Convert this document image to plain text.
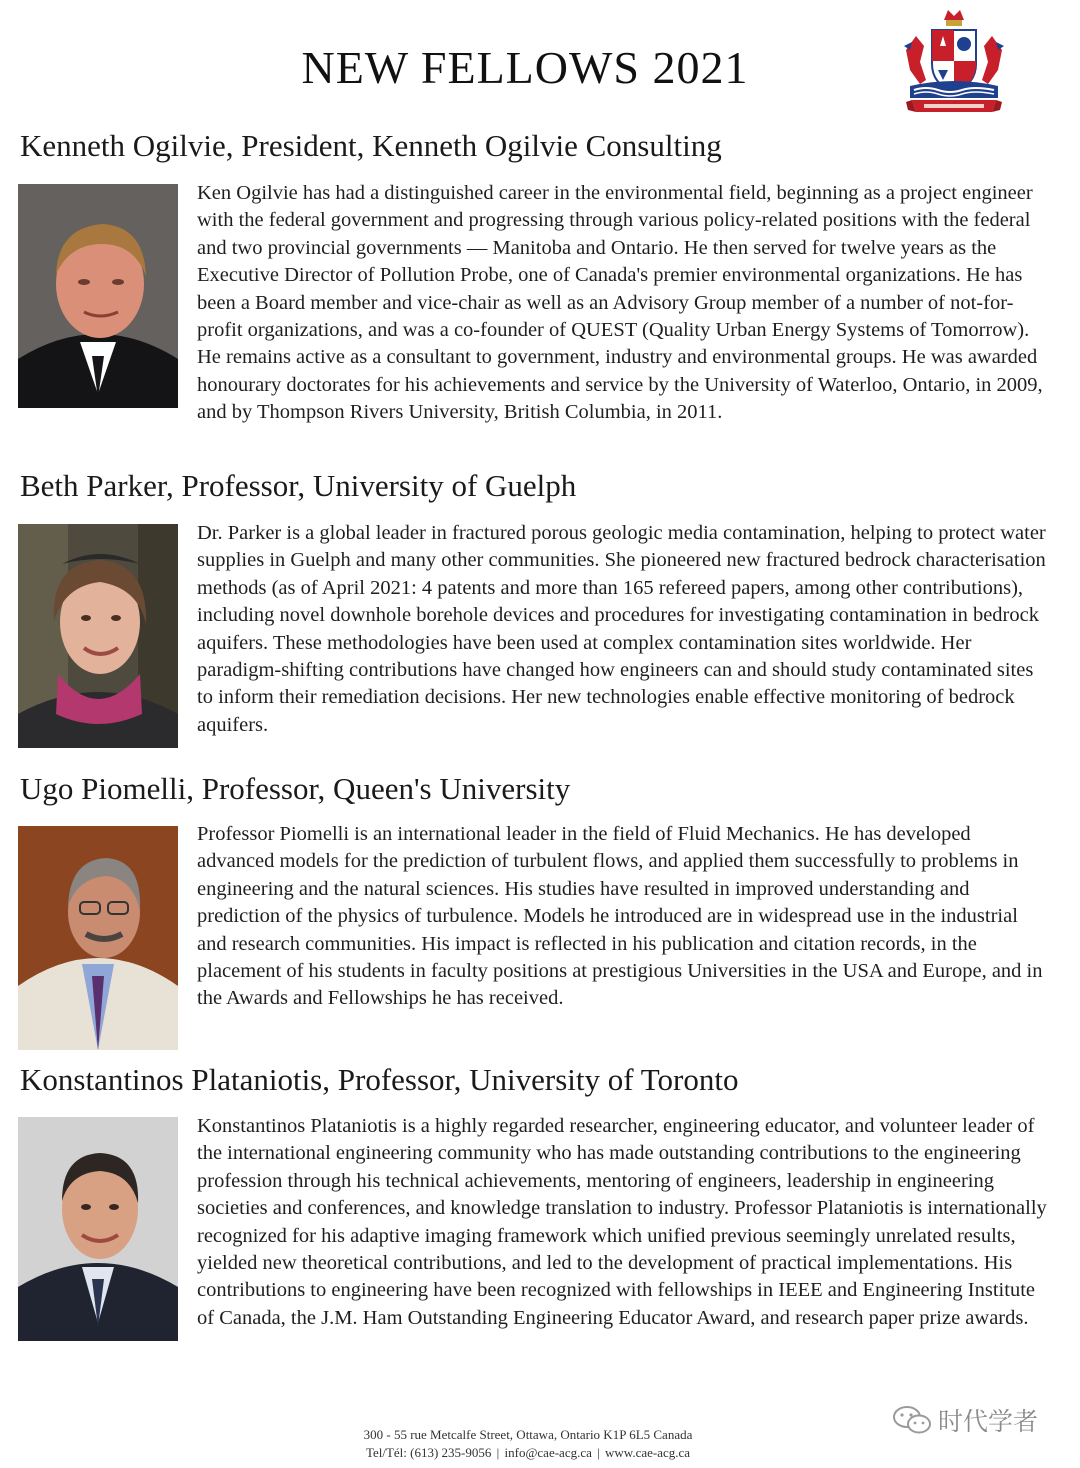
NEW FELLOWS 2021
Kenneth Ogilvie, President, Kenneth Ogilvie Consulting

Ken Ogilvie has had a distinguished career in the environmental field, beginning as a project engineer with the federal government and progressing through various policy-related positions with the federal and two provincial governments — Manitoba and Ontario. He then served for twelve years as the Executive Director of Pollution Probe, one of Canada's premier environmental organizations. He has been a Board member and vice-chair as well as an Advisory Group member of a number of not-for-profit organizations, and was a co-founder of QUEST (Quality Urban Energy Systems of Tomorrow). He remains active as a consultant to government, industry and environmental groups. He was awarded honourary doctorates for his achievements and service by the University of Waterloo, Ontario, in 2009, and by Thompson Rivers University, British Columbia, in 2011.

Beth Parker, Professor, University of Guelph

Dr. Parker is a global leader in fractured porous geologic media contamination, helping to protect water supplies in Guelph and many other communities. She pioneered new fractured bedrock characterisation methods (as of April 2021: 4 patents and more than 165 refereed papers, among other contributions), including novel downhole borehole devices and procedures for investigating contamination in bedrock aquifers. These methodologies have been used at complex contamination sites worldwide. Her paradigm-shifting contributions have changed how engineers can and should study contaminated sites to inform their remediation decisions. Her new technologies enable effective monitoring of bedrock aquifers.

Ugo Piomelli, Professor, Queen's University

Professor Piomelli is an international leader in the field of Fluid Mechanics. He has developed advanced models for the prediction of turbulent flows, and applied them successfully to problems in engineering and the natural sciences. His studies have resulted in improved understanding and prediction of the physics of turbulence. Models he introduced are in widespread use in the industrial and research communities. His impact is reflected in his publication and citation records, in the placement of his students in faculty positions at prestigious Universities in the USA and Europe, and in the Awards and Fellowships he has received.

Konstantinos Plataniotis, Professor, University of Toronto

Konstantinos Plataniotis is a highly regarded researcher, engineering educator, and volunteer leader of the international engineering community who has made outstanding contributions to the engineering profession through his technical achievements, mentoring of engineers, leadership in engineering societies and conferences, and knowledge translation to industry. Professor Plataniotis is internationally recognized for his adaptive imaging framework which unified previous seemingly unrelated results, yielded new theoretical contributions, and led to the development of practical implementations. His contributions to engineering have been recognized with fellowships in IEEE and Engineering Institute of Canada, the J.M. Ham Outstanding Engineering Educator Award, and research paper prize awards.

300 - 55 rue Metcalfe Street, Ottawa, Ontario K1P 6L5 Canada
Tel/Tél: (613) 235-9056 | info@cae-acg.ca | www.cae-acg.ca
时代学者
